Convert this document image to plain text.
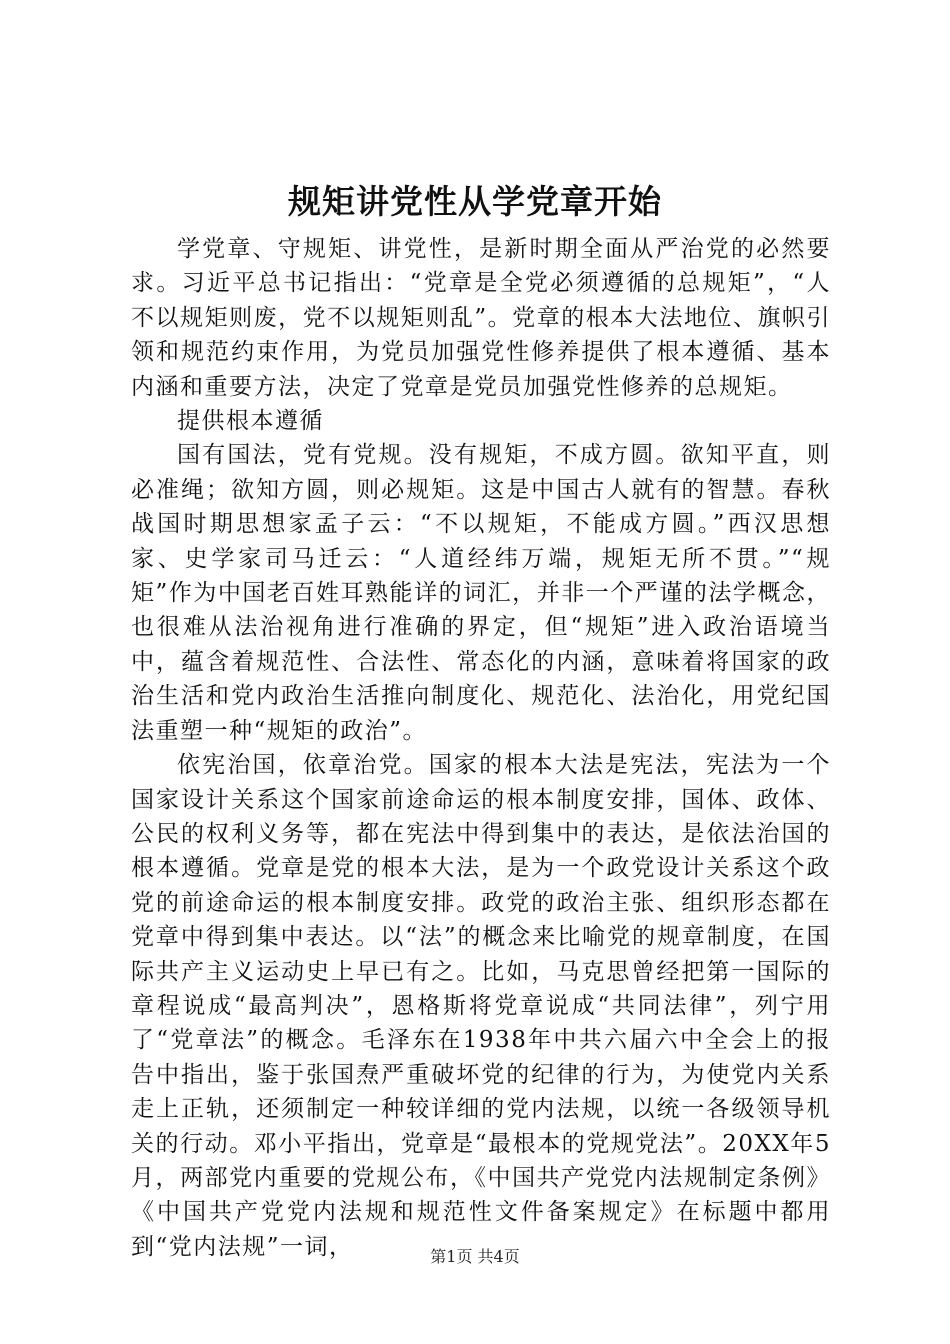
规矩讲党性从学党章开始

学党章、守规矩、讲党性，是新时期全面从严治党的必然要求。习近平总书记指出：“党章是全党必须遵循的总规矩”，“人不以规矩则废，党不以规矩则乱”。党章的根本大法地位、旗帜引领和规范约束作用，为党员加强党性修养提供了根本遵循、基本内涵和重要方法，决定了党章是党员加强党性修养的总规矩。

提供根本遵循

国有国法，党有党规。没有规矩，不成方圆。欲知平直，则必准绳；欲知方圆，则必规矩。这是中国古人就有的智慧。春秋战国时期思想家孟子云：“不以规矩，不能成方圆。”西汉思想家、史学家司马迁云：“人道经纬万端，规矩无所不贯。”“规矩”作为中国老百姓耳熟能详的词汇，并非一个严谨的法学概念，也很难从法治视角进行准确的界定，但“规矩”进入政治语境当中，蕴含着规范性、合法性、常态化的内涵，意味着将国家的政治生活和党内政治生活推向制度化、规范化、法治化，用党纪国法重塑一种“规矩的政治”。

依宪治国，依章治党。国家的根本大法是宪法，宪法为一个国家设计关系这个国家前途命运的根本制度安排，国体、政体、公民的权利义务等，都在宪法中得到集中的表达，是依法治国的根本遵循。党章是党的根本大法，是为一个政党设计关系这个政党的前途命运的根本制度安排。政党的政治主张、组织形态都在党章中得到集中表达。以“法”的概念来比喻党的规章制度，在国际共产主义运动史上早已有之。比如，马克思曾经把第一国际的章程说成“最高判决”，恩格斯将党章说成“共同法律”，列宁用了“党章法”的概念。毛泽东在1938年中共六届六中全会上的报告中指出，鉴于张国焘严重破坏党的纪律的行为，为使党内关系走上正轨，还须制定一种较详细的党内法规，以统一各级领导机关的行动。邓小平指出，党章是“最根本的党规党法”。20XX年5月，两部党内重要的党规公布，《中国共产党党内法规制定条例》《中国共产党党内法规和规范性文件备案规定》在标题中都用到“党内法规”一词，	第1页 共4页
